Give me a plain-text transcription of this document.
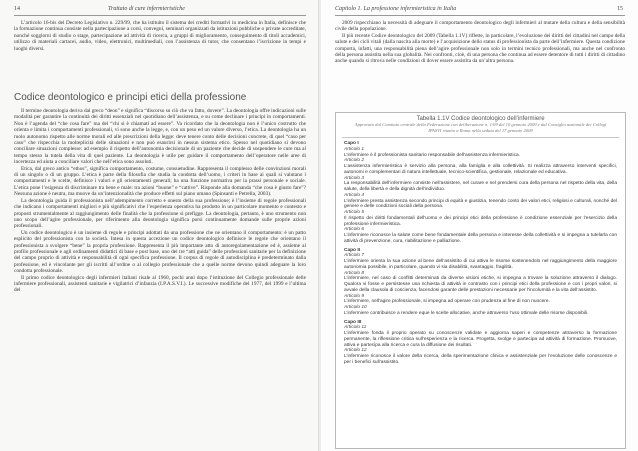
14	Trattato di cure infermieristiche

L’articolo 16-bis del Decreto Legislativo n. 229/99, che ha istituito il sistema dei crediti formativi in medicina in Italia, definisce che la formazione continua consiste nella partecipazione a corsi, convegni, seminari organizzati da istituzioni pubbliche o private accreditate, nonché soggiorni di studio o stage, partecipazione ad attività di ricerca, a gruppi di miglioramento, conseguimento di titoli accademici, utilizzo di materiali cartacei, audio, video, elettronici, multimediali, con l’assistenza di tutor, che consentano l’iscrizione in tempi e luoghi diversi.

Codice deontologico e principi etici della professione

Il termine deontologia deriva dal greco “deon” e significa “discorso su ciò che va fatto, dovere”. La deontologia offre indicazioni sulle modalità per garantire la continuità dei diritti essenziali nel quotidiano dell’assistenza, e su come declinare i principi in comportamenti. Non è l’agenda del “che cosa fare” ma del “chi si è chiamati ad essere”. Va ricordato che la deontologia non è l’unico costrutto che orienta e limita i comportamenti professionali, vi sono anche la legge, e, con un peso ed un valore diverso, l’etica. La deontologia ha un ruolo autonomo rispetto alle norme morali ed alle prescrizioni della legge: deve tenere conto delle decisioni concrete, di quel “caso per caso” che rispecchia la molteplicità delle situazioni e non può esaurirsi in nessun sistema etico. Spesso nel quotidiano si devono conciliare situazioni complesse: ad esempio il rispetto dell’autonomia decisionale di un paziente che decide di sospendere le cure ma al tempo stesso la tutela della vita di quel paziente. La deontologia è utile per guidare il comportamento dell’operatore nelle aree di incertezza ed aiuta a conciliare valori che nell’etica sono assoluti.

Etica, dal greco antico “ethos”, significa comportamento, costume, consuetudine. Rappresenta il complesso delle convinzioni morali di un singolo o di un gruppo. L’etica è parte della filosofia che studia la condotta dell’uomo, i criteri in base ai quali si valutano i comportamenti e le scelte, definisce i valori e gli orientamenti generali; ha una funzione normativa per la prassi personale e sociale. L’etica pone l’esigenza di discriminare tra bene e male: tra azioni “buone” e “cattive”. Risponde alla domanda “che cosa è giusto fare”? Nessuna azione è neutra, ma muove da un’intenzionalità che produce effetti sul piano umano (Spinsanti e Petrella, 2003).

La deontologia guida il professionista nell’adempimento corretto e onesto della sua professione; è l’insieme di regole professionali che indicano i comportamenti migliori e più significativi che l’esperienza operativa ha prodotto in un particolare momento e contesto e proposti strumentalmente al raggiungimento delle finalità che la professione si prefigge. La deontologia, pertanto, è uno strumento non uno scopo dell’agire professionale, per riferimento alla deontologia significa porsi continuamente domande sulle proprie azioni professionali.

Un codice deontologico è un insieme di regole e principi adottati da una professione che ne orientano il comportamento: è un patto esplicito del professionista con la società. Intesa in questa accezione un codice deontologico definisce le regole che orientano il professionista a svolgere “bene” la propria professione. Rappresenta il più importante atto di autoregolamentazione ed è, assieme al profilo professionale e agli ordinamenti didattici di base e post base, uno dei tre “atti guida” delle professioni sanitarie per la definizione del campo proprio di attività e responsabilità di ogni specifica professione. Il corpus di regole di autodisciplina è predeterminato dalla professione, ed è vincolante per gli iscritti all’ordine o al collegio professionale che a quelle norme devono quindi adeguare la loro condotta professionale.

Il primo codice deontologico degli infermieri italiani risale al 1960, pochi anni dopo l’istituzione del Collegio professionale delle infermiere professionali, assistenti sanitarie e vigilatrici d’infanzia (I.P.A.S.V.I.). Le successive modifiche del 1977, del 1999 e l’ultima del

Capitolo 1. La professione infermieristica in Italia	15

2009 rispecchiano la necessità di adeguare il comportamento deontologico degli infermieri al mutare della cultura e della sensibilità civile della popolazione.

Il più recente Codice deontologico del 2009 (Tabella 1.1V) riflette, in particolare, l’evoluzione dei diritti dei cittadini nel campo della salute e dei cicli vitali (dalla nascita alla morte) e l’acquisizione dello status di professionista da parte dell’infermiere. Questa condizione comporta, infatti, una responsabilità piena dell’agire professionale non solo in termini tecnico professionali, ma anche nel confronto della persona assistita nella sua globalità. Nei confronti, cioè, di una persona che continua ad essere detentore di tutti i diritti di cittadino anche quando si ritrova nelle condizioni di dover essere assistita da un’altra persona.

Tabella 1.1V Codice deontologico dell’infermiere
Approvato dal Comitato centrale della Federazione con deliberazione n. 1/09 del 10 gennaio 2009 e dal Consiglio nazionale dei Collegi IPASVI riunito a Roma nella seduta del 17 gennaio 2009
Capo I
Articolo 1
L’infermiere è il professionista sanitario responsabile dell’assistenza infermieristica.
Articolo 2
L’assistenza infermieristica è servizio alla persona, alla famiglia e alla collettività. Si realizza attraverso interventi specifici, autonomi e complementari di natura intellettuale, tecnico-scientifica, gestionale, relazionale ed educativa.
Articolo 3
La responsabilità dell’infermiere consiste nell’assistere, nel curare e nel prendersi cura della persona nel rispetto della vita, della salute, della libertà e della dignità dell’individuo.
Articolo 4
L’infermiere presta assistenza secondo principi di equità e giustizia, tenendo conto dei valori etici, religiosi e culturali, nonché del genere e delle condizioni sociali della persona.
Articolo 5
Il rispetto dei diritti fondamentali dell’uomo e dei principi etici della professione è condizione essenziale per l’esercizio della professione infermieristica.
Articolo 6
L’infermiere riconosce la salute come bene fondamentale della persona e interesse della collettività e si impegna a tutelarla con attività di prevenzione, cura, riabilitazione e palliazione.
Capo II
Articolo 7
L’infermiere orienta la sua azione al bene dell’assistito di cui attiva le risorse sostenendolo nel raggiungimento della maggiore autonomia possibile, in particolare, quando vi sia disabilità, svantaggio, fragilità.
Articolo 8
L’infermiere, nel caso di conflitti determinati da diverse visioni etiche, si impegna a trovare la soluzione attraverso il dialogo. Qualora vi fosse e persistesse una richiesta di attività in contrasto con i principi etici della professione e con i propri valori, si avvale della clausola di coscienza, facendosi garante delle prestazioni necessarie per l’incolumità e la vita dell’assistito.
Articolo 9
L’infermiere, nell’agire professionale, si impegna ad operare con prudenza al fine di non nuocere.
Articolo 10
L’infermiere contribuisce a rendere eque le scelte allocative, anche attraverso l’uso ottimale delle risorse disponibili.
Capo III
Articolo 11
L’infermiere fonda il proprio operato su conoscenze validate e aggiorna saperi e competenze attraverso la formazione permanente, la riflessione critica sull’esperienza e la ricerca. Progetta, svolge e partecipa ad attività di formazione. Promuove, attiva e partecipa alla ricerca e cura la diffusione dei risultati.
Articolo 12
L’infermiere riconosce il valore della ricerca, della sperimentazione clinica e assistenziale per l’evoluzione delle conoscenze e per i benefici sull’assistito.
